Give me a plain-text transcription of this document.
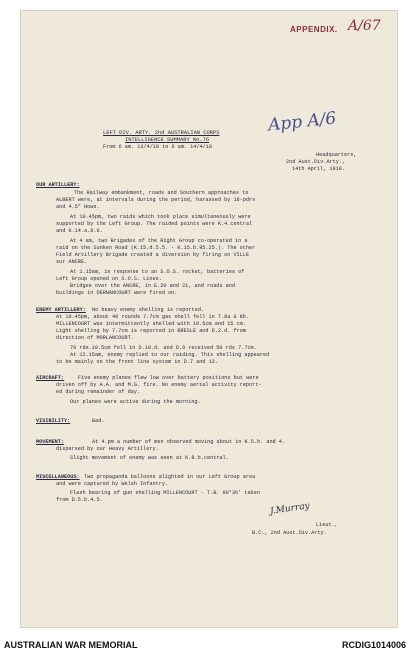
APPENDIX. A/67
App A/6
LEFT DIV. ARTY. 2nd AUSTRALIAN CORPS
INTELLIGENCE SUMMARY No.76
From 6 am. 13/4/18 to 6 am. 14/4/18
Headquarters,
2nd Aust.Div.Arty.,
14th April, 1918.
OUR ARTILLERY:
The Railway embankment, roads and Southern approaches to
ALBERT were, at intervals during the period, harassed by 18-pdrs
and 4.5" Hows.
At 10.45pm, two raids which took place simultaneously were
supported by the Left Group. The raided points were K.4.central
and K.14.a.8.6.
At 4 am, two Brigades of the Right Group co-operated in a
raid on the Sunken Road (K.15.d.5.5. - K.15.b.95.25.). The other
Field Artillery Brigade created a diversion by firing on VILLE
sur ANCRE.
At 1.15am, in response to an S.O.S. rocket, batteries of
Left Group opened on S.O.S. Lines.
Bridges over the ANCRE, in E.20 and 21, and roads and
buildings in DERNANCOURT were fired on.
ENEMY ARTILLERY: No heavy enemy shelling is reported.
At 10.45pm, about 40 rounds 7.7cm gas shell fell in 7.8a & 8b.
MILLENCOURT was intermittently shelled with 10.5cm and 15 cm.
Light shelling by 7.7cm is reported in BRESLE and D.2.d. from
direction of MORLANCOURT.
70 rds.10.5cm fell in D.10.d. and D.9 received 50 rds 7.7cm.
At 12.15am, enemy replied to our raiding. This shelling appeared
to be mainly on the front line system in D.7 and 13.
AIRCRAFT:	Five enemy planes flew low over battery positions but were
driven off by A.A. and M.G. fire. No enemy aerial activity report-
ed during remainder of day.
Our planes were active during the morning.
VISIBILITY:	Bad.
MOVEMENT:	At 4.pm a number of men observed moving about in K.5.b. and 4.
dispersed by our Heavy Artillery.
Slight movement of enemy was seen at K.8.b.central.
MISCELLANEOUS: Two propaganda balloons alighted in our Left Group area
and were captured by Welsh Infantry.
Flash bearing of gun shelling MILLENCOURT - T.B. 90°36' taken
from D.5.b.4.5.
J.Murray
Lieut.,
B.C., 2nd Aust.Div.Arty.
AUSTRALIAN WAR MEMORIAL	RCDIG1014006
